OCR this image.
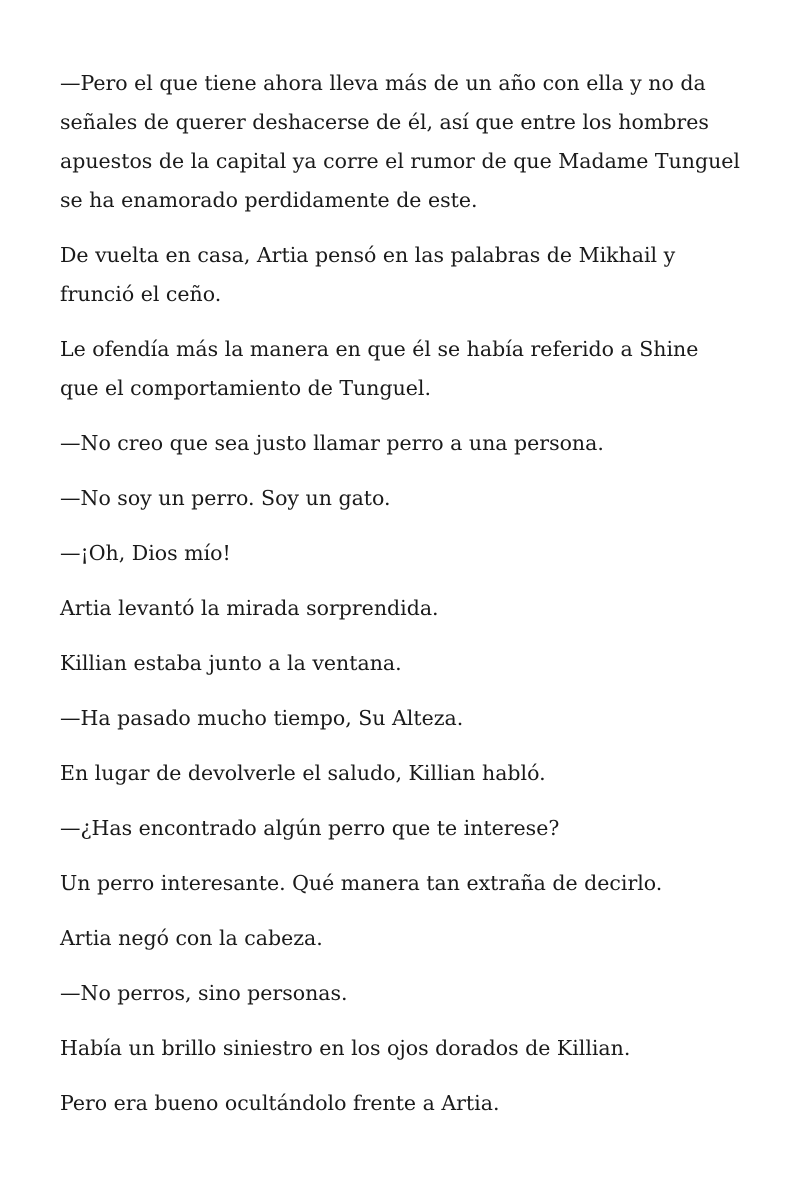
—Pero el que tiene ahora lleva más de un año con ella y no da señales de querer deshacerse de él, así que entre los hombres apuestos de la capital ya corre el rumor de que Madame Tunguel se ha enamorado perdidamente de este.

De vuelta en casa, Artia pensó en las palabras de Mikhail y frunció el ceño.

Le ofendía más la manera en que él se había referido a Shine que el comportamiento de Tunguel.

—No creo que sea justo llamar perro a una persona.

—No soy un perro. Soy un gato.

—¡Oh, Dios mío!

Artia levantó la mirada sorprendida.

Killian estaba junto a la ventana.

—Ha pasado mucho tiempo, Su Alteza.

En lugar de devolverle el saludo, Killian habló.

—¿Has encontrado algún perro que te interese?

Un perro interesante. Qué manera tan extraña de decirlo.

Artia negó con la cabeza.

—No perros, sino personas.

Había un brillo siniestro en los ojos dorados de Killian.

Pero era bueno ocultándolo frente a Artia.
